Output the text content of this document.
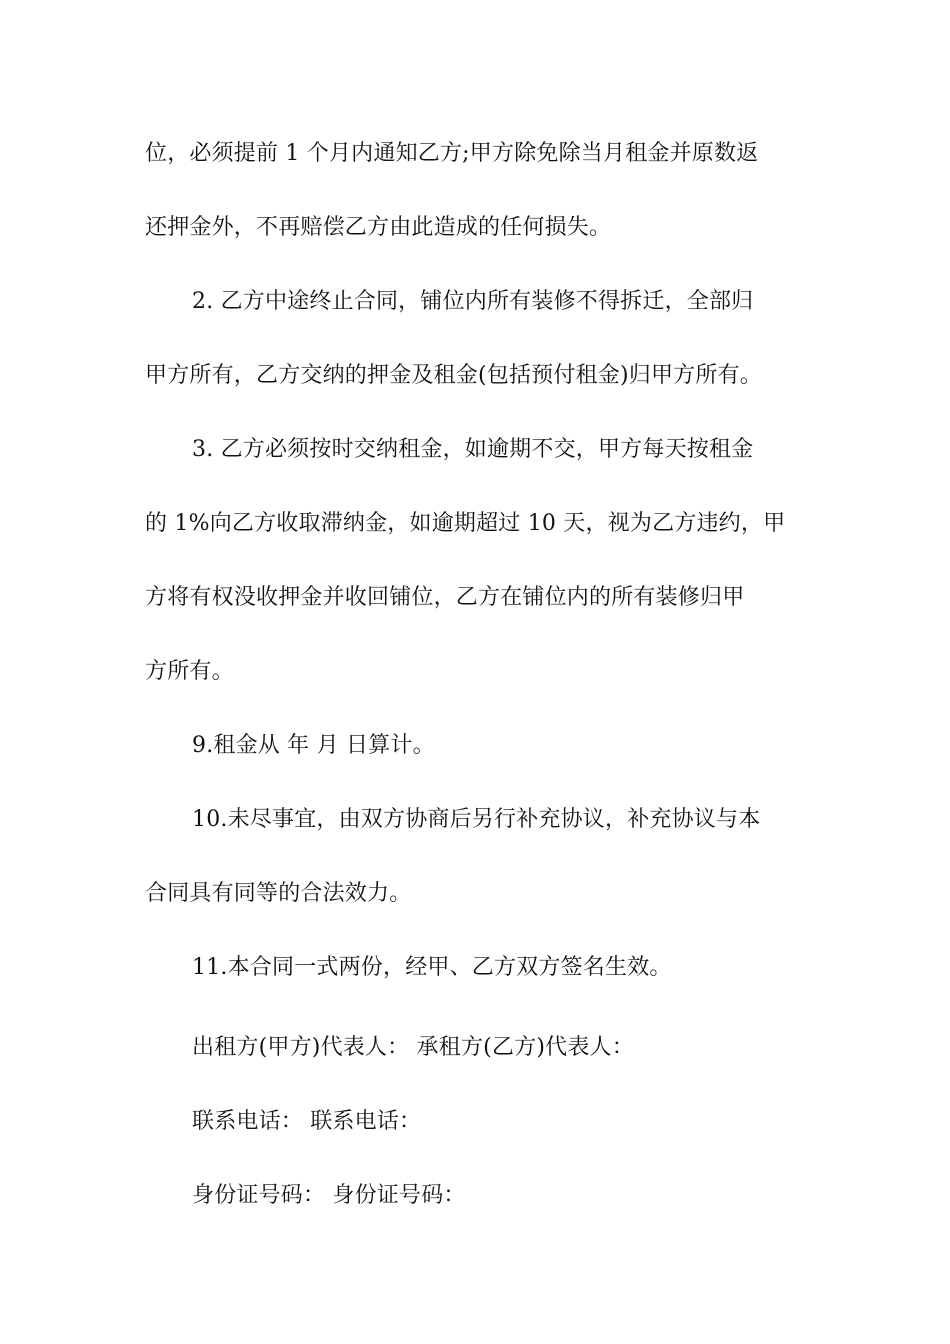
位，必须提前 1 个月内通知乙方;甲方除免除当月租金并原数返
还押金外，不再赔偿乙方由此造成的任何损失。
2. 乙方中途终止合同，铺位内所有装修不得拆迁，全部归
甲方所有，乙方交纳的押金及租金(包括预付租金)归甲方所有。
3. 乙方必须按时交纳租金，如逾期不交，甲方每天按租金
的 1%向乙方收取滞纳金，如逾期超过 10 天，视为乙方违约，甲
方将有权没收押金并收回铺位，乙方在铺位内的所有装修归甲
方所有。
9.租金从 年 月 日算计。
10.未尽事宜，由双方协商后另行补充协议，补充协议与本
合同具有同等的合法效力。
11.本合同一式两份，经甲、乙方双方签名生效。
出租方(甲方)代表人： 承租方(乙方)代表人：
联系电话： 联系电话：
身份证号码： 身份证号码：
